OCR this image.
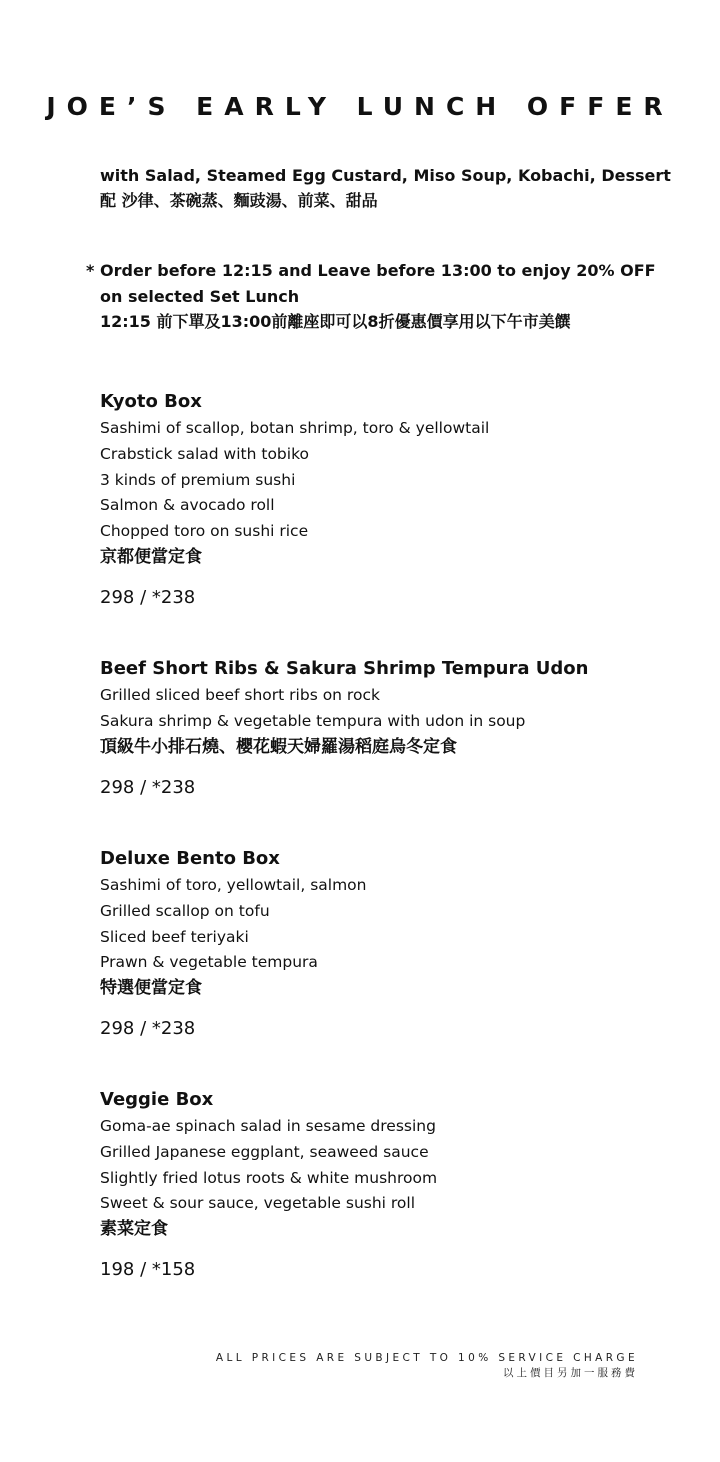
JOE’S EARLY LUNCH OFFER
with Salad, Steamed Egg Custard, Miso Soup, Kobachi, Dessert
配 沙律、茶碗蒸、麵豉湯、前菜、甜品
* Order before 12:15 and Leave before 13:00 to enjoy 20% OFF
on selected Set Lunch
12:15 前下單及13:00前離座即可以8折優惠價享用以下午市美饌
Kyoto Box
Sashimi of scallop, botan shrimp, toro & yellowtail
Crabstick salad with tobiko
3 kinds of premium sushi
Salmon & avocado roll
Chopped toro on sushi rice
京都便當定食
298 / *238
Beef Short Ribs & Sakura Shrimp Tempura Udon
Grilled sliced beef short ribs on rock
Sakura shrimp & vegetable tempura with udon in soup
頂級牛小排石燒、櫻花蝦天婦羅湯稻庭烏冬定食
298 / *238
Deluxe Bento Box
Sashimi of toro, yellowtail, salmon
Grilled scallop on tofu
Sliced beef teriyaki
Prawn & vegetable tempura
特選便當定食
298 / *238
Veggie Box
Goma-ae spinach salad in sesame dressing
Grilled Japanese eggplant, seaweed sauce
Slightly fried lotus roots & white mushroom
Sweet & sour sauce, vegetable sushi roll
素菜定食
198 / *158
ALL PRICES ARE SUBJECT TO 10% SERVICE CHARGE
以上價目另加一服務費
